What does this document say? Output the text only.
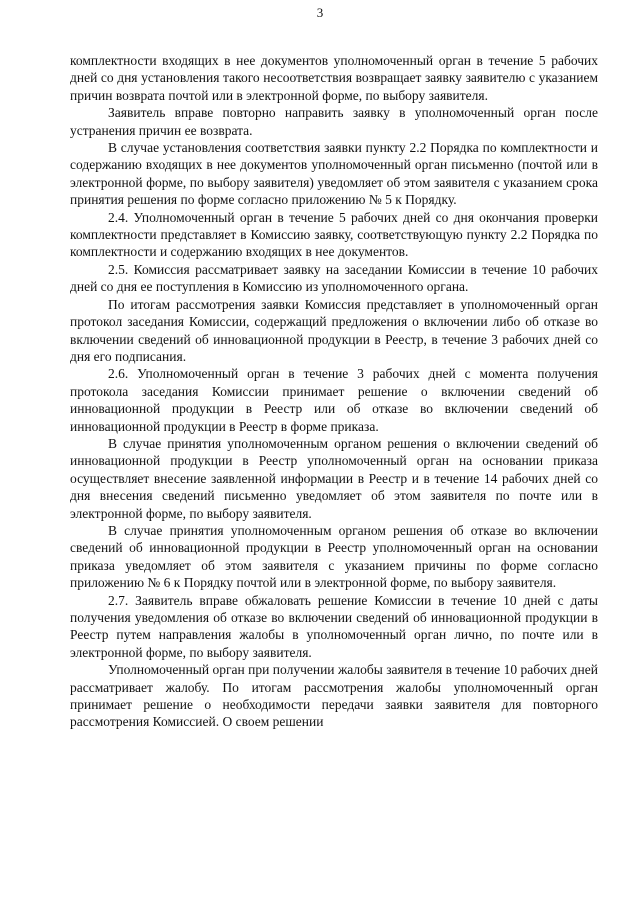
3

комплектности входящих в нее документов уполномоченный орган в течение 5 рабочих дней со дня установления такого несоответствия возвращает заявку заявителю с указанием причин возврата почтой или в электронной форме, по выбору заявителя.

Заявитель вправе повторно направить заявку в уполномоченный орган после устранения причин ее возврата.

В случае установления соответствия заявки пункту 2.2 Порядка по комплектности и содержанию входящих в нее документов уполномоченный орган письменно (почтой или в электронной форме, по выбору заявителя) уведомляет об этом заявителя с указанием срока принятия решения по форме согласно приложению № 5 к Порядку.

2.4. Уполномоченный орган в течение 5 рабочих дней со дня окончания проверки комплектности представляет в Комиссию заявку, соответствующую пункту 2.2 Порядка по комплектности и содержанию входящих в нее документов.

2.5. Комиссия рассматривает заявку на заседании Комиссии в течение 10 рабочих дней со дня ее поступления в Комиссию из уполномоченного органа.

По итогам рассмотрения заявки Комиссия представляет в уполномоченный орган протокол заседания Комиссии, содержащий предложения о включении либо об отказе во включении сведений об инновационной продукции в Реестр, в течение 3 рабочих дней со дня его подписания.

2.6. Уполномоченный орган в течение 3 рабочих дней с момента получения протокола заседания Комиссии принимает решение о включении сведений об инновационной продукции в Реестр или об отказе во включении сведений об инновационной продукции в Реестр в форме приказа.

В случае принятия уполномоченным органом решения о включении сведений об инновационной продукции в Реестр уполномоченный орган на основании приказа осуществляет внесение заявленной информации в Реестр и в течение 14 рабочих дней со дня внесения сведений письменно уведомляет об этом заявителя по почте или в электронной форме, по выбору заявителя.

В случае принятия уполномоченным органом решения об отказе во включении сведений об инновационной продукции в Реестр уполномоченный орган на основании приказа уведомляет об этом заявителя с указанием причины по форме согласно приложению № 6 к Порядку почтой или в электронной форме, по выбору заявителя.

2.7. Заявитель вправе обжаловать решение Комиссии в течение 10 дней с даты получения уведомления об отказе во включении сведений об инновационной продукции в Реестр путем направления жалобы в уполномоченный орган лично, по почте или в электронной форме, по выбору заявителя.

Уполномоченный орган при получении жалобы заявителя в течение 10 рабочих дней рассматривает жалобу. По итогам рассмотрения жалобы уполномоченный орган принимает решение о необходимости передачи заявки заявителя для повторного рассмотрения Комиссией. О своем решении
